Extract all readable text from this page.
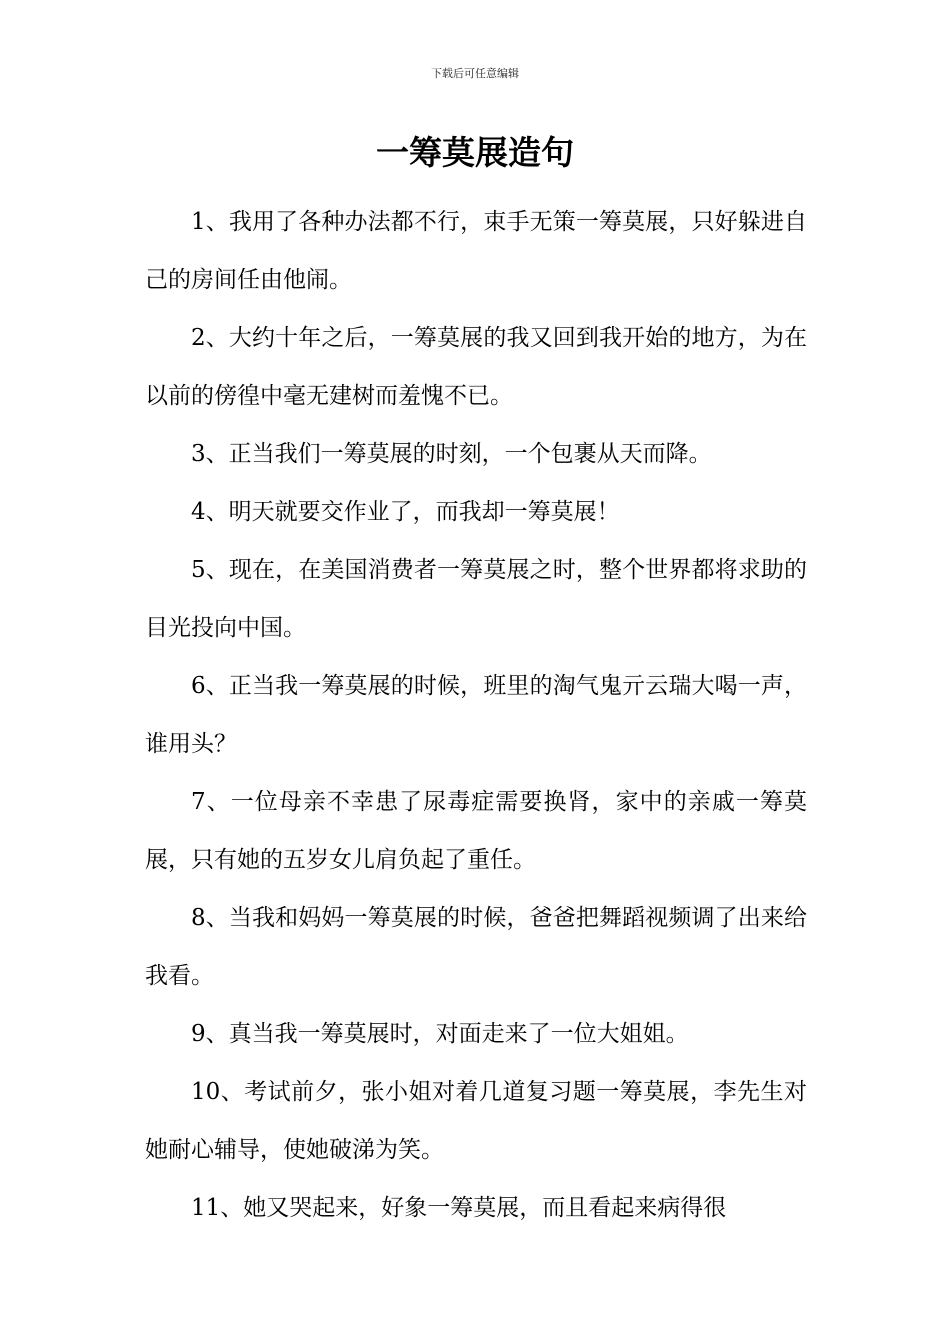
下载后可任意编辑
一筹莫展造句

1、我用了各种办法都不行，束手无策一筹莫展，只好躲进自己的房间任由他闹。

2、大约十年之后，一筹莫展的我又回到我开始的地方，为在以前的傍徨中毫无建树而羞愧不已。

3、正当我们一筹莫展的时刻，一个包裹从天而降。

4、明天就要交作业了，而我却一筹莫展！

5、现在，在美国消费者一筹莫展之时，整个世界都将求助的目光投向中国。

6、正当我一筹莫展的时候，班里的淘气鬼亓云瑞大喝一声，谁用头？

7、一位母亲不幸患了尿毒症需要换肾，家中的亲戚一筹莫展，只有她的五岁女儿肩负起了重任。

8、当我和妈妈一筹莫展的时候，爸爸把舞蹈视频调了出来给我看。

9、真当我一筹莫展时，对面走来了一位大姐姐。

10、考试前夕，张小姐对着几道复习题一筹莫展，李先生对她耐心辅导，使她破涕为笑。

11、她又哭起来，好象一筹莫展，而且看起来病得很
